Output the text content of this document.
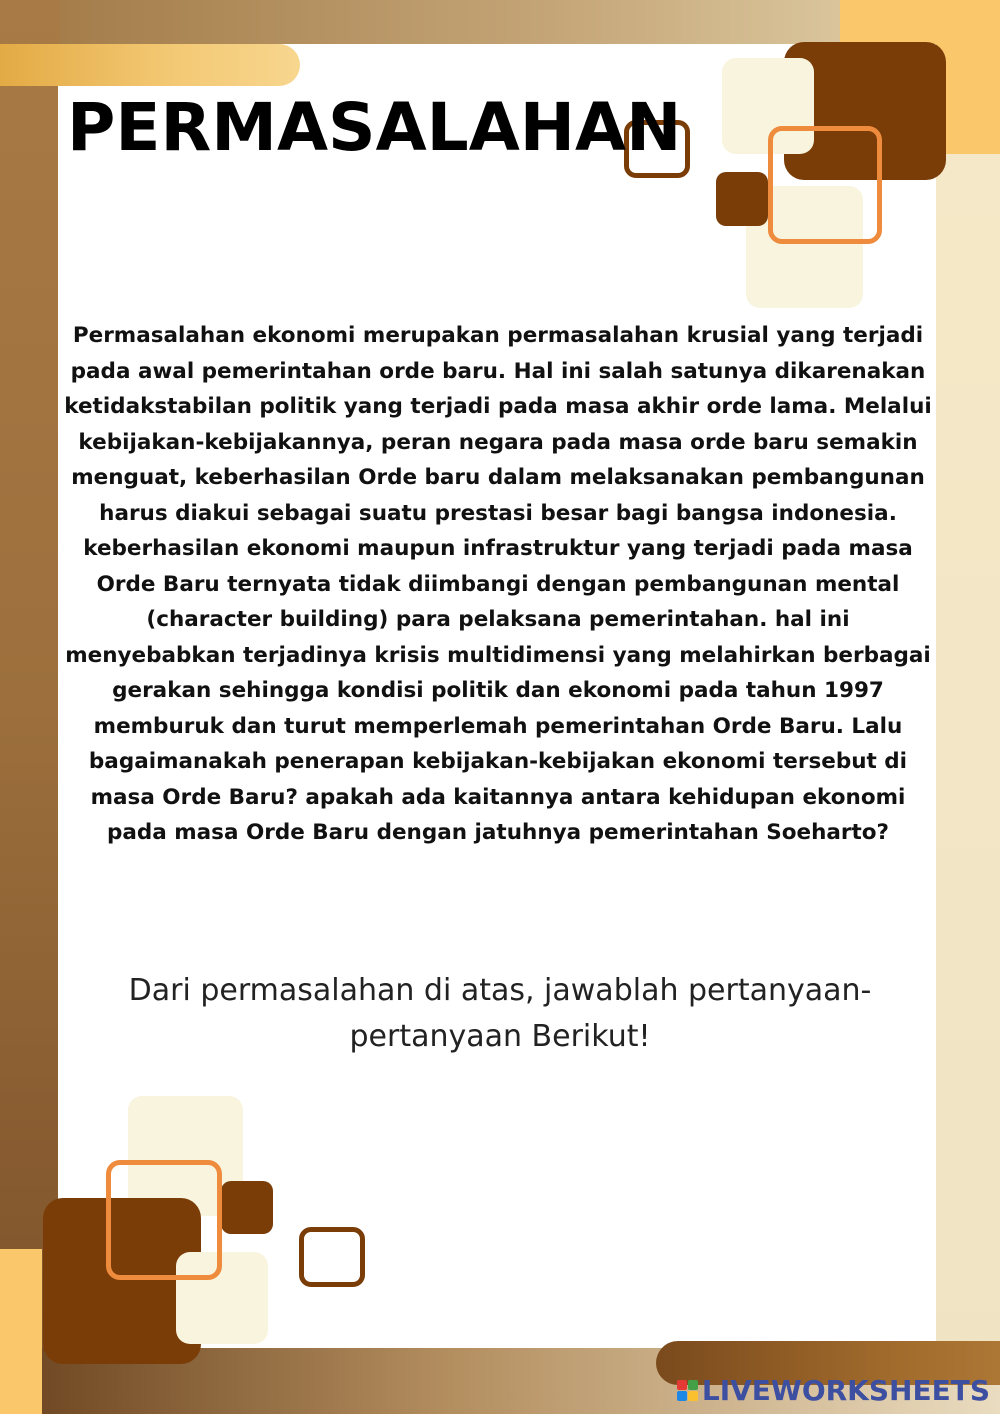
PERMASALAHAN

Permasalahan ekonomi merupakan permasalahan krusial yang terjadi pada awal pemerintahan orde baru. Hal ini salah satunya dikarenakan ketidakstabilan politik yang terjadi pada masa akhir orde lama. Melalui kebijakan-kebijakannya, peran negara pada masa orde baru semakin menguat, keberhasilan Orde baru dalam melaksanakan pembangunan harus diakui sebagai suatu prestasi besar bagi bangsa indonesia.

keberhasilan ekonomi maupun infrastruktur yang terjadi pada masa Orde Baru ternyata tidak diimbangi dengan pembangunan mental (character building) para pelaksana pemerintahan. hal ini menyebabkan terjadinya krisis multidimensi yang melahirkan berbagai gerakan sehingga kondisi politik dan ekonomi pada tahun 1997 memburuk dan turut memperlemah pemerintahan Orde Baru. Lalu bagaimanakah penerapan kebijakan-kebijakan ekonomi tersebut di masa Orde Baru? apakah ada kaitannya antara kehidupan ekonomi pada masa Orde Baru dengan jatuhnya pemerintahan Soeharto?

Dari permasalahan di atas, jawablah pertanyaan-pertanyaan Berikut!

LIVEWORKSHEETS
